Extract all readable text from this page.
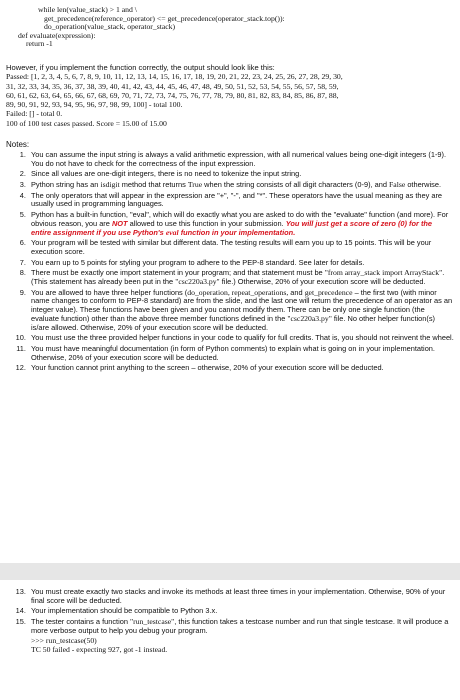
while len(value_stack) > 1 and \
get_precedence(reference_operator) <= get_precedence(operator_stack.top()):
do_operation(value_stack, operator_stack)
def evaluate(expression):
return -1
However, if you implement the function correctly, the output should look like this:
Passed: [1, 2, 3, 4, 5, 6, 7, 8, 9, 10, 11, 12, 13, 14, 15, 16, 17, 18, 19, 20, 21, 22, 23, 24, 25, 26, 27, 28, 29, 30,
31, 32, 33, 34, 35, 36, 37, 38, 39, 40, 41, 42, 43, 44, 45, 46, 47, 48, 49, 50, 51, 52, 53, 54, 55, 56, 57, 58, 59,
60, 61, 62, 63, 64, 65, 66, 67, 68, 69, 70, 71, 72, 73, 74, 75, 76, 77, 78, 79, 80, 81, 82, 83, 84, 85, 86, 87, 88,
89, 90, 91, 92, 93, 94, 95, 96, 97, 98, 99, 100] - total 100.
Failed: [] - total 0.
100 of 100 test cases passed. Score = 15.00 of 15.00
Notes:
1. You can assume the input string is always a valid arithmetic expression, with all numerical values being one-digit integers (1-9). You do not have to check for the correctness of the input expression.
2. Since all values are one-digit integers, there is no need to tokenize the input string.
3. Python string has an isdigit method that returns True when the string consists of all digit characters (0-9), and False otherwise.
4. The only operators that will appear in the expression are "+", "-", and "*". These operators have the usual meaning as they are usually used in programming languages.
5. Python has a built-in function, "eval", which will do exactly what you are asked to do with the "evaluate" function (and more). For obvious reason, you are NOT allowed to use this function in your submission. You will just get a score of zero (0) for the entire assignment if you use Python's eval function in your implementation.
6. Your program will be tested with similar but different data. The testing results will earn you up to 15 points. This will be your execution score.
7. You earn up to 5 points for styling your program to adhere to the PEP-8 standard. See later for details.
8. There must be exactly one import statement in your program; and that statement must be "from array_stack import ArrayStack". (This statement has already been put in the "csc220a3.py" file.) Otherwise, 20% of your execution score will be deducted.
9. You are allowed to have three helper functions (do_operation, repeat_operations, and get_precedence – the first two (with minor name changes to conform to PEP-8 standard) are from the slide, and the last one will return the precedence of an operator as an integer value). These functions have been given and you cannot modify them. There can be only one single function (the evaluate function) other than the above three member functions defined in the "csc220a3.py" file. No other helper function(s) is/are allowed. Otherwise, 20% of your execution score will be deducted.
10. You must use the three provided helper functions in your code to qualify for full credits. That is, you should not reinvent the wheel.
11. You must have meaningful documentation (in form of Python comments) to explain what is going on in your implementation. Otherwise, 20% of your execution score will be deducted.
12. Your function cannot print anything to the screen – otherwise, 20% of your execution score will be deducted.
13. You must create exactly two stacks and invoke its methods at least three times in your implementation. Otherwise, 90% of your final score will be deducted.
14. Your implementation should be compatible to Python 3.x.
15. The tester contains a function "run_testcase", this function takes a testcase number and run that single testcase. It will produce a more verbose output to help you debug your program.
>>> run_testcase(50)
TC 50 failed - expecting 927, got -1 instead.
